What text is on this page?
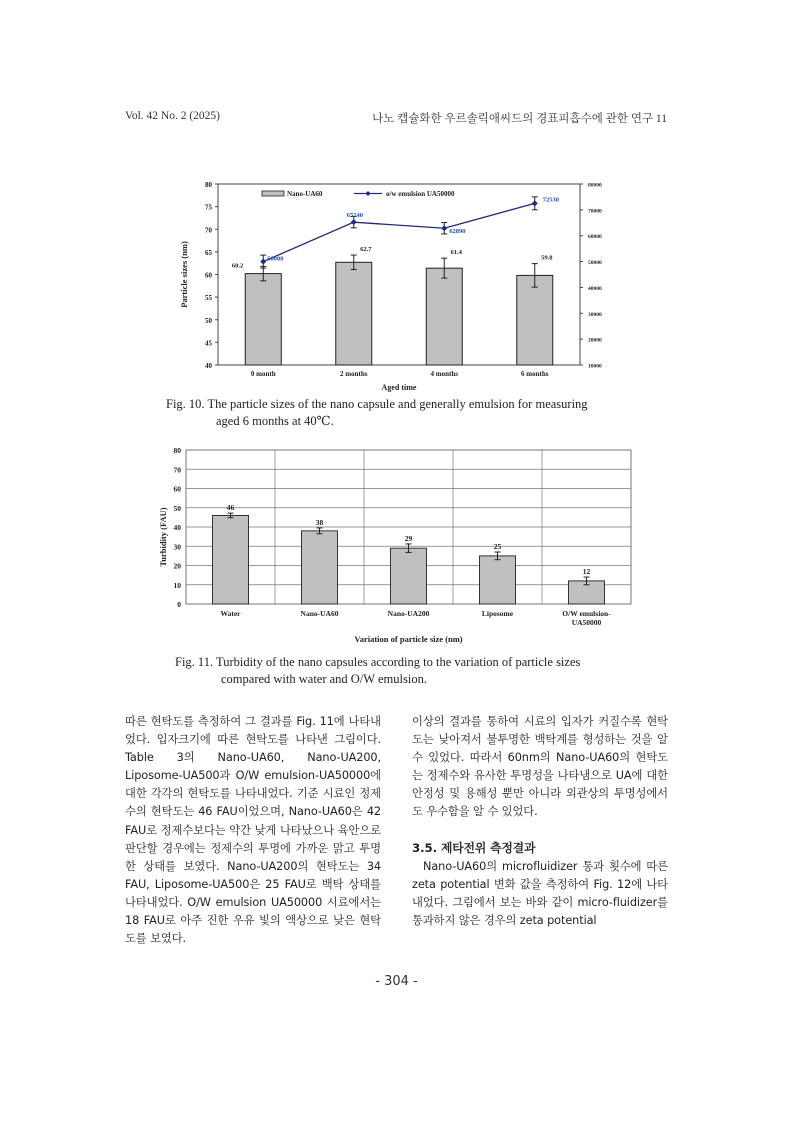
Vol. 42 No. 2 (2025)	나노 캡슐화한 우르솔릭애씨드의 경표피흡수에 관한 연구 11
80
75
70
65
60
55
50
45
40
80000
70000
60000
50000
40000
30000
20000
10000
60.2
62.7	61.4
59.8
50000
65240
62890
72530
Nano-UA60	o/w emulsion UA50000
0 month	2 months	4 months	6 months
Aged time
Particle sizes (nm)
Fig. 10. The particle sizes of the nano capsule and generally emulsion for measuring
aged 6 months at 40℃.
0
10
20
30
40
50
60
70
80
46
38
29
25
12
Water	Nano-UA60	Nano-UA200	Liposome	O/W emulsion-
UA50000
Variation of particle size (nm)
Turbidity (FAU)
Fig. 11. Turbidity of the nano capsules according to the variation of particle sizes
compared with water and O/W emulsion.

따른 현탁도를 측정하여 그 결과를 Fig. 11에 나타내었다. 입자크기에 따른 현탁도를 나타낸 그림이다. Table 3의 Nano-UA60, Nano-UA200, Liposome-UA500과 O/W emulsion-UA50000에 대한 각각의 현탁도를 나타내었다. 기준 시료인 정제수의 현탁도는 46 FAU이었으며, Nano-UA60은 42 FAU로 정제수보다는 약간 낮게 나타났으나 육안으로 판단할 경우에는 정제수의 투명에 가까운 맑고 투명한 상태를 보였다. Nano-UA200의 현탁도는 34 FAU, Liposome-UA500은 25 FAU로 백탁 상태를 나타내었다. O/W emulsion UA50000 시료에서는 18 FAU로 아주 진한 우유 빛의 액상으로 낮은 현탁도를 보였다.

이상의 결과를 통하여 시료의 입자가 커질수록 현탁도는 낮아져서 불투명한 백탁계를 형성하는 것을 알 수 있었다. 따라서 60nm의 Nano-UA60의 현탁도는 정제수와 유사한 투명성을 나타냄으로 UA에 대한 안정성 및 용해성 뿐만 아니라 외관상의 투명성에서도 우수함을 알 수 있었다.

3.5. 제타전위 측정결과

Nano-UA60의 microfluidizer 통과 횟수에 따른 zeta potential 변화 값을 측정하여 Fig. 12에 나타내었다. 그림에서 보는 바와 같이 micro-fluidizer를 통과하지 않은 경우의 zeta potential

- 304 -
